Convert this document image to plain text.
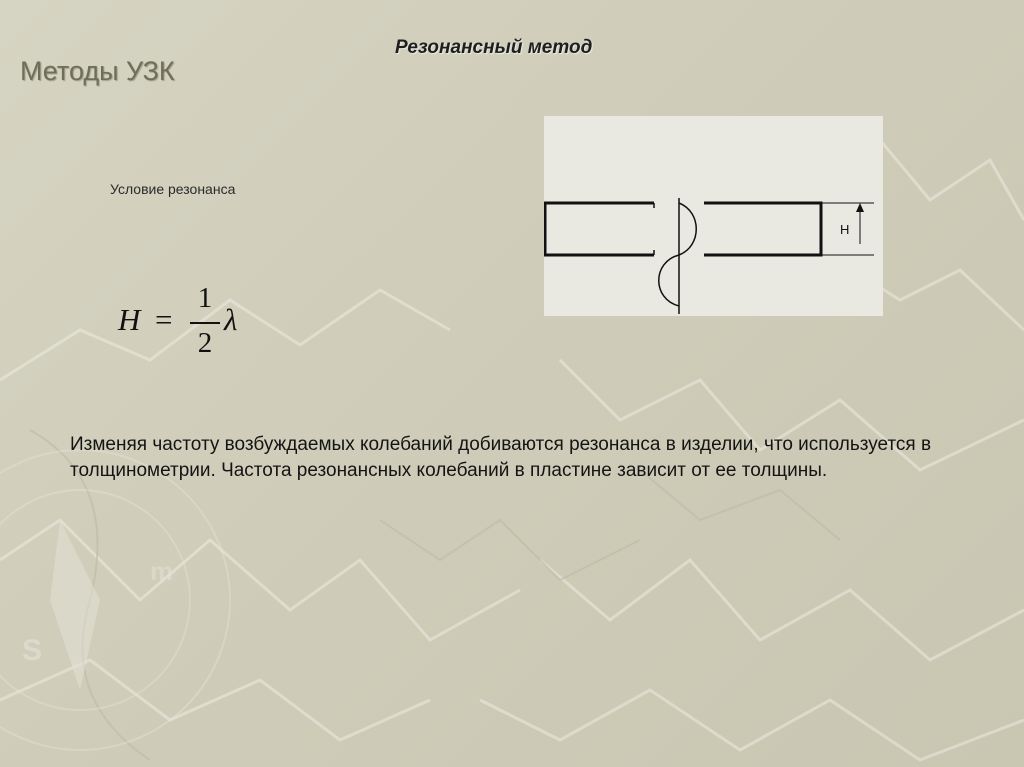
S
m
Методы УЗК
Резонансный метод
Условие резонанса
H =
1
2
λ
H
Изменяя частоту возбуждаемых колебаний добиваются резонанса в изделии, что используется в толщинометрии. Частота резонансных колебаний в пластине зависит от ее толщины.
